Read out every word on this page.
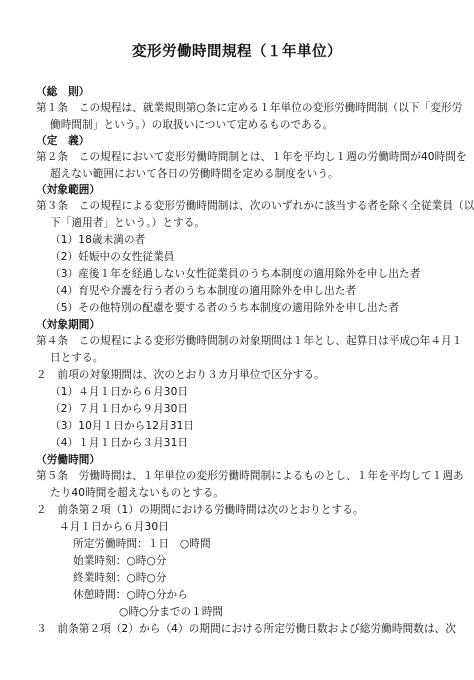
変形労働時間規程（１年単位）
（総　則）
第１条　この規程は、就業規則第○条に定める１年単位の変形労働時間制（以下「変形労
働時間制」という。）の取扱いについて定めるものである。
（定　義）
第２条　この規程において変形労働時間制とは、１年を平均し１週の労働時間が40時間を
超えない範囲において各日の労働時間を定める制度をいう。
（対象範囲）
第３条　この規程による変形労働時間制は、次のいずれかに該当する者を除く全従業員（以
下「適用者」という。）とする。
（1）18歳未満の者
（2）妊娠中の女性従業員
（3）産後１年を経過しない女性従業員のうち本制度の適用除外を申し出た者
（4）育児や介護を行う者のうち本制度の適用除外を申し出た者
（5）その他特別の配慮を要する者のうち本制度の適用除外を申し出た者
（対象期間）
第４条　この規程による変形労働時間制の対象期間は１年とし、起算日は平成○年４月１
日とする。
２　前項の対象期間は、次のとおり３カ月単位で区分する。
（1）４月１日から６月30日
（2）７月１日から９月30日
（3）10月１日から12月31日
（4）１月１日から３月31日
（労働時間）
第５条　労働時間は、１年単位の変形労働時間制によるものとし、１年を平均して１週あ
たり40時間を超えないものとする。
２　前条第２項（1）の期間における労働時間は次のとおりとする。
４月１日から６月30日
所定労働時間：１日　○時間
始業時刻：○時○分
終業時刻：○時○分
休憩時間：○時○分から
○時○分までの１時間
３　前条第２項（2）から（4）の期間における所定労働日数および総労働時間数は、次
